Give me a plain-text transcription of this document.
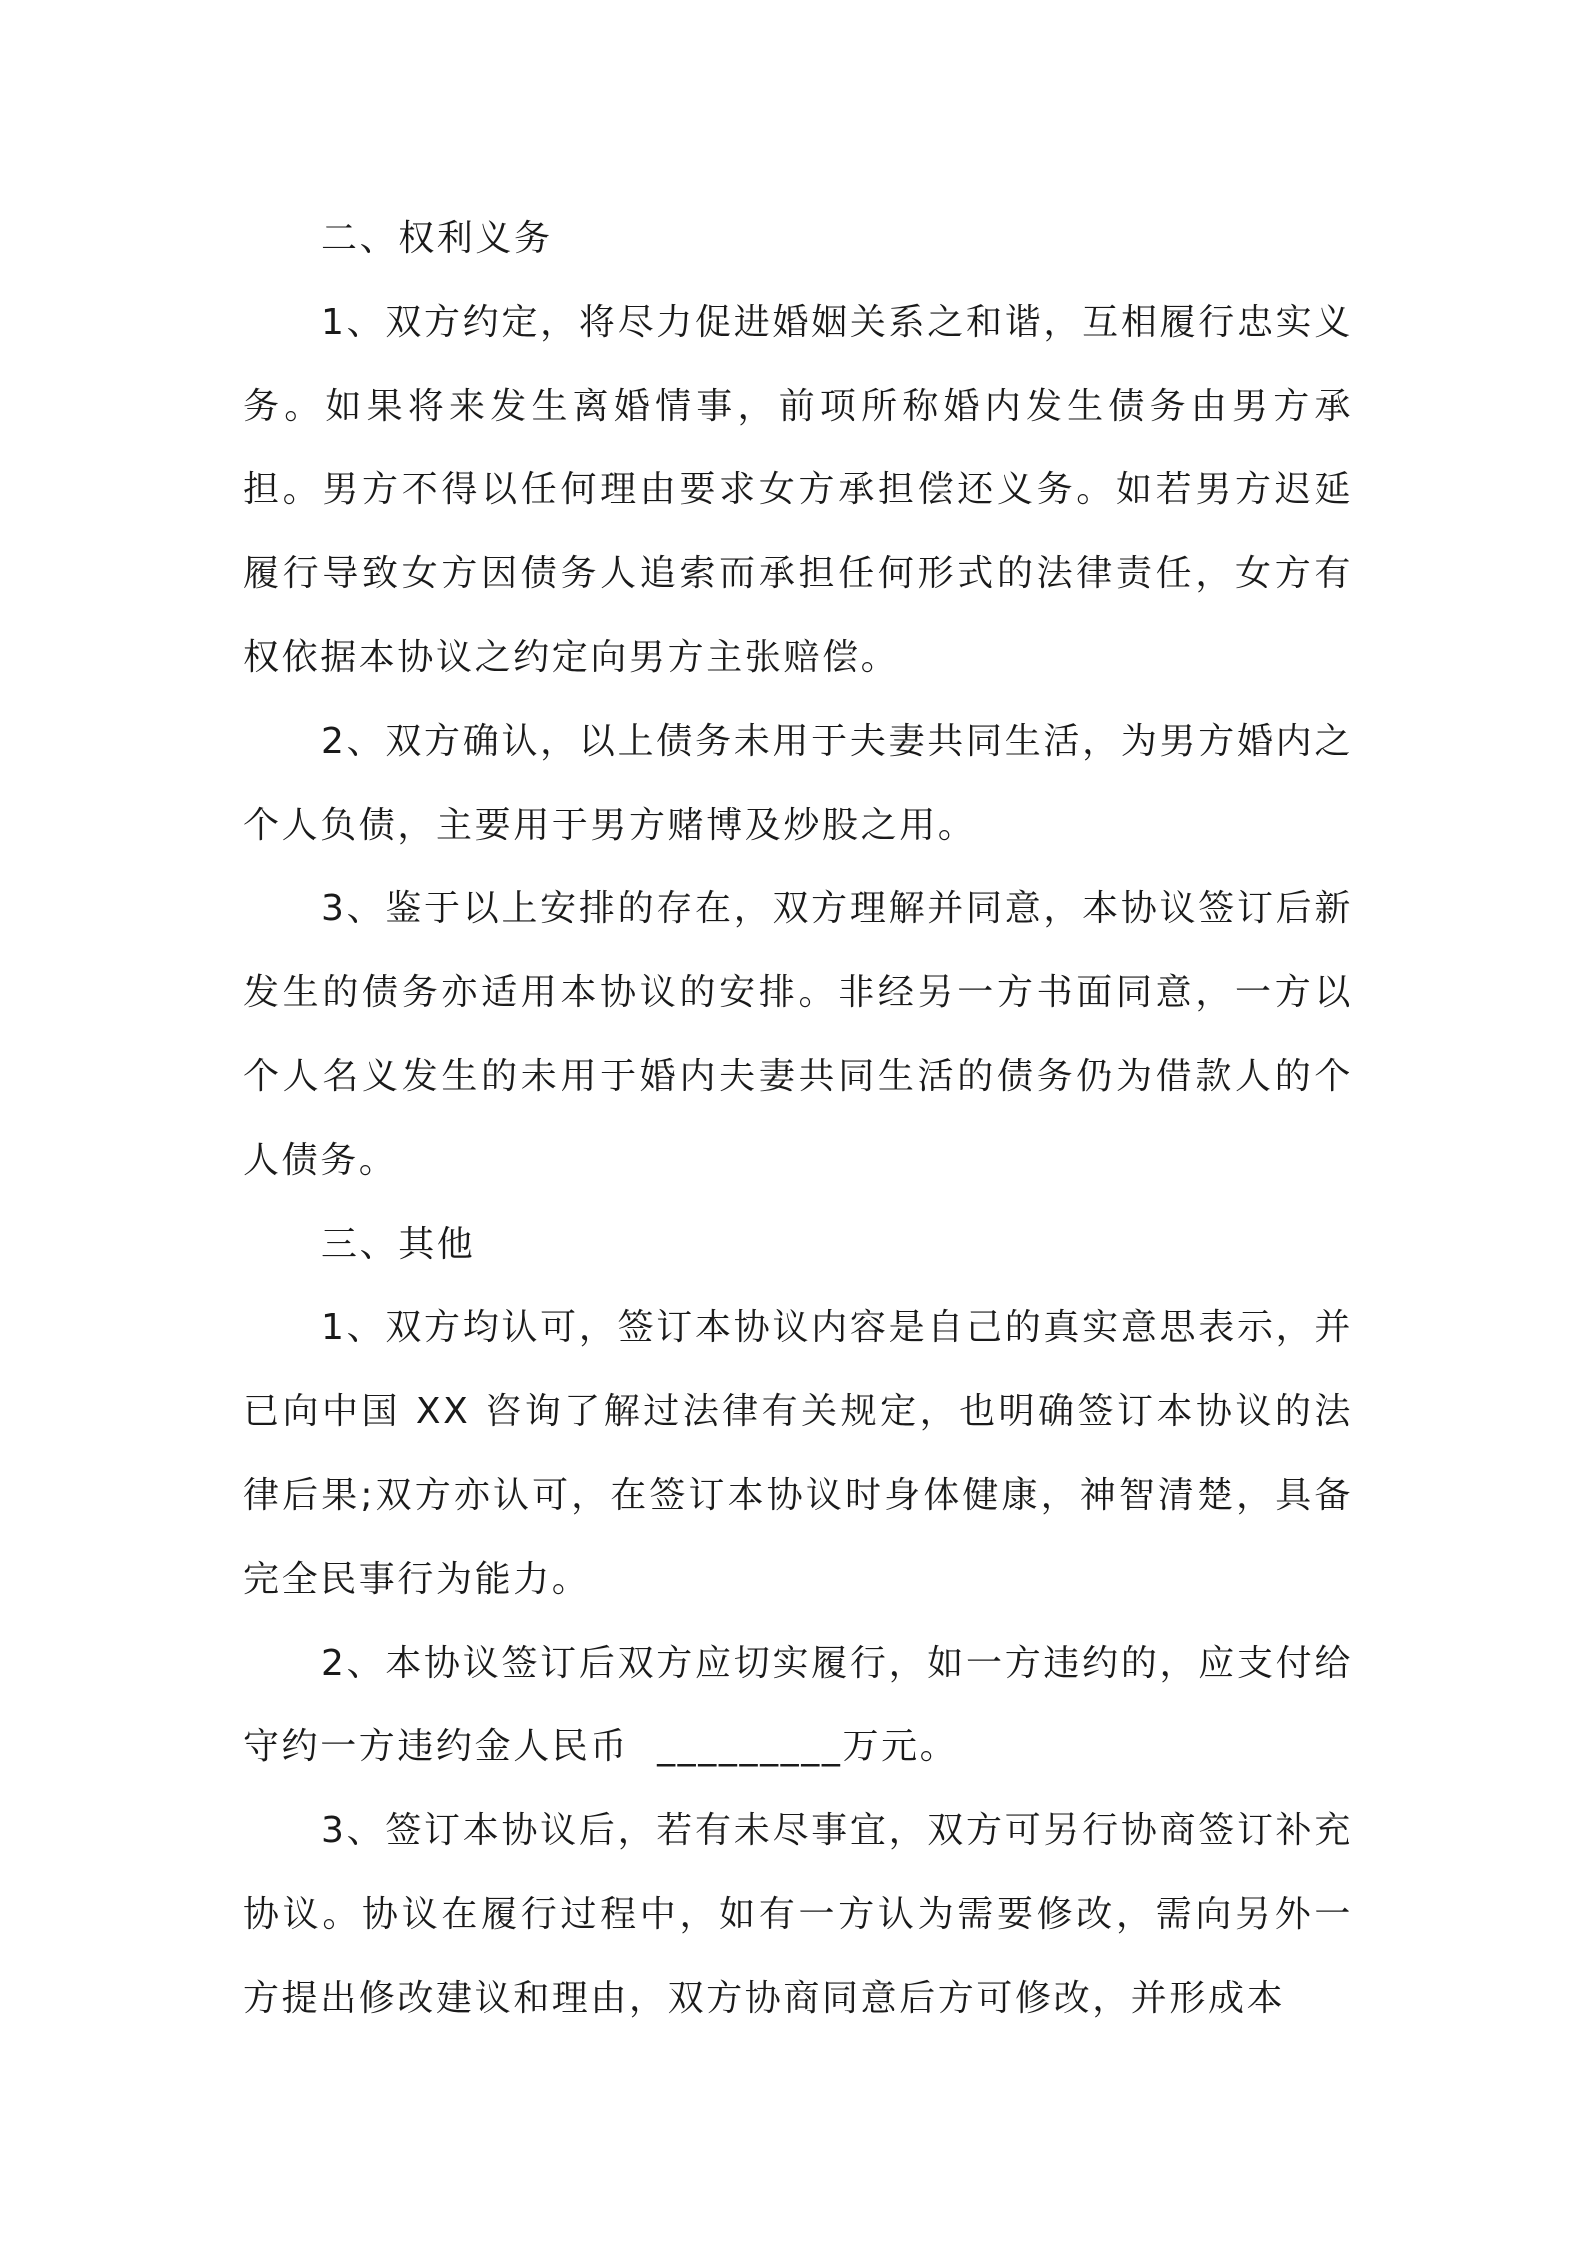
二、权利义务

1、双方约定，将尽力促进婚姻关系之和谐，互相履行忠实义务。如果将来发生离婚情事，前项所称婚内发生债务由男方承担。男方不得以任何理由要求女方承担偿还义务。如若男方迟延履行导致女方因债务人追索而承担任何形式的法律责任，女方有权依据本协议之约定向男方主张赔偿。

2、双方确认，以上债务未用于夫妻共同生活，为男方婚内之个人负债，主要用于男方赌博及炒股之用。

3、鉴于以上安排的存在，双方理解并同意，本协议签订后新发生的债务亦适用本协议的安排。非经另一方书面同意，一方以个人名义发生的未用于婚内夫妻共同生活的债务仍为借款人的个人债务。

三、其他

1、双方均认可，签订本协议内容是自己的真实意思表示，并已向中国 XX 咨询了解过法律有关规定，也明确签订本协议的法律后果;双方亦认可，在签订本协议时身体健康，神智清楚，具备完全民事行为能力。

2、本协议签订后双方应切实履行，如一方违约的，应支付给守约一方违约金人民币  _________万元。

3、签订本协议后，若有未尽事宜，双方可另行协商签订补充协议。协议在履行过程中，如有一方认为需要修改，需向另外一方提出修改建议和理由，双方协商同意后方可修改，并形成本
